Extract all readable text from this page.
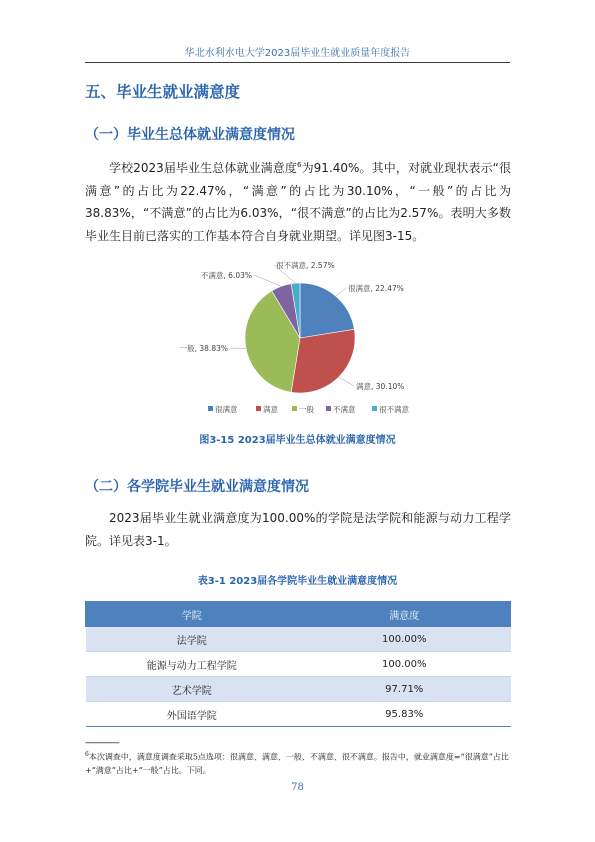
华北水利水电大学2023届毕业生就业质量年度报告
五、毕业生就业满意度
（一）毕业生总体就业满意度情况
学校2023届毕业生总体就业满意度$^6$为91.40%。其中，对就业现状表示“很满意”的占比为22.47%，“满意”的占比为30.10%，“一般”的占比为38.83%，“不满意”的占比为6.03%，“很不满意”的占比为2.57%。表明大多数毕业生目前已落实的工作基本符合自身就业期望。详见图3-15。
很满意, 22.47%
满意, 30.10%
一般, 38.83%
不满意, 6.03%
很不满意, 2.57%
很满意	满意	一般	不满意	很不满意
图3-15 2023届毕业生总体就业满意度情况
（二）各学院毕业生就业满意度情况
2023届毕业生就业满意度为100.00%的学院是法学院和能源与动力工程学院。详见表3-1。
表3-1 2023届各学院毕业生就业满意度情况
学院	满意度
法学院	100.00%
能源与动力工程学院	100.00%
艺术学院	97.71%
外国语学院	95.83%
---------------
$^6$本次调查中，满意度调查采取5点选项：很满意、满意、一般、不满意、很不满意。报告中，就业满意度=“很满意”占比+“满意”占比+“一般”占比。下同。
78
